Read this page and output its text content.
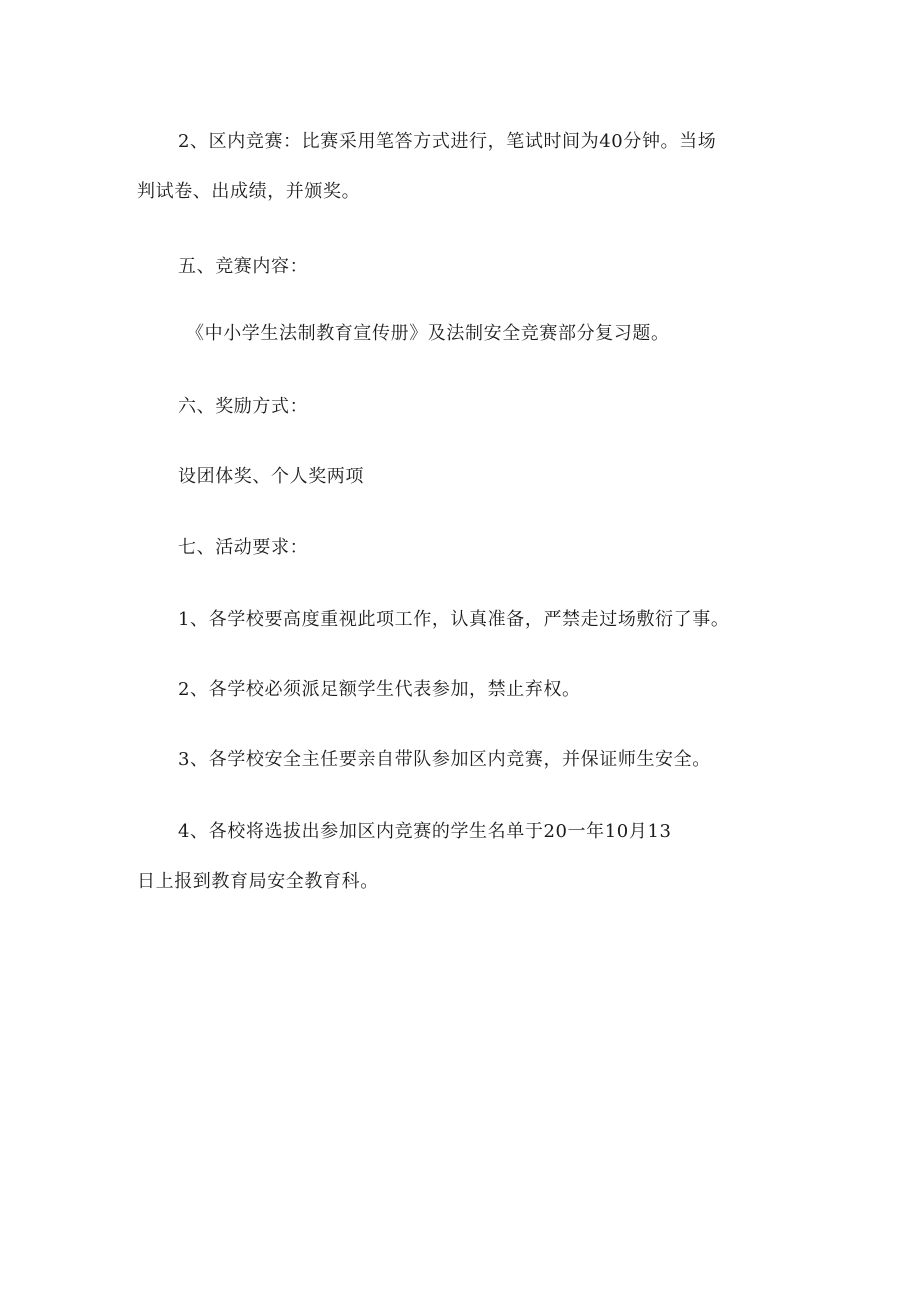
2、区内竞赛：比赛采用笔答方式进行，笔试时间为40分钟。当场
判试卷、出成绩，并颁奖。
五、竞赛内容：
《中小学生法制教育宣传册》及法制安全竞赛部分复习题。
六、奖励方式：
设团体奖、个人奖两项
七、活动要求：
1、各学校要高度重视此项工作，认真准备，严禁走过场敷衍了事。
2、各学校必须派足额学生代表参加，禁止弃权。
3、各学校安全主任要亲自带队参加区内竞赛，并保证师生安全。
4、各校将选拔出参加区内竞赛的学生名单于20一年10月13
日上报到教育局安全教育科。
